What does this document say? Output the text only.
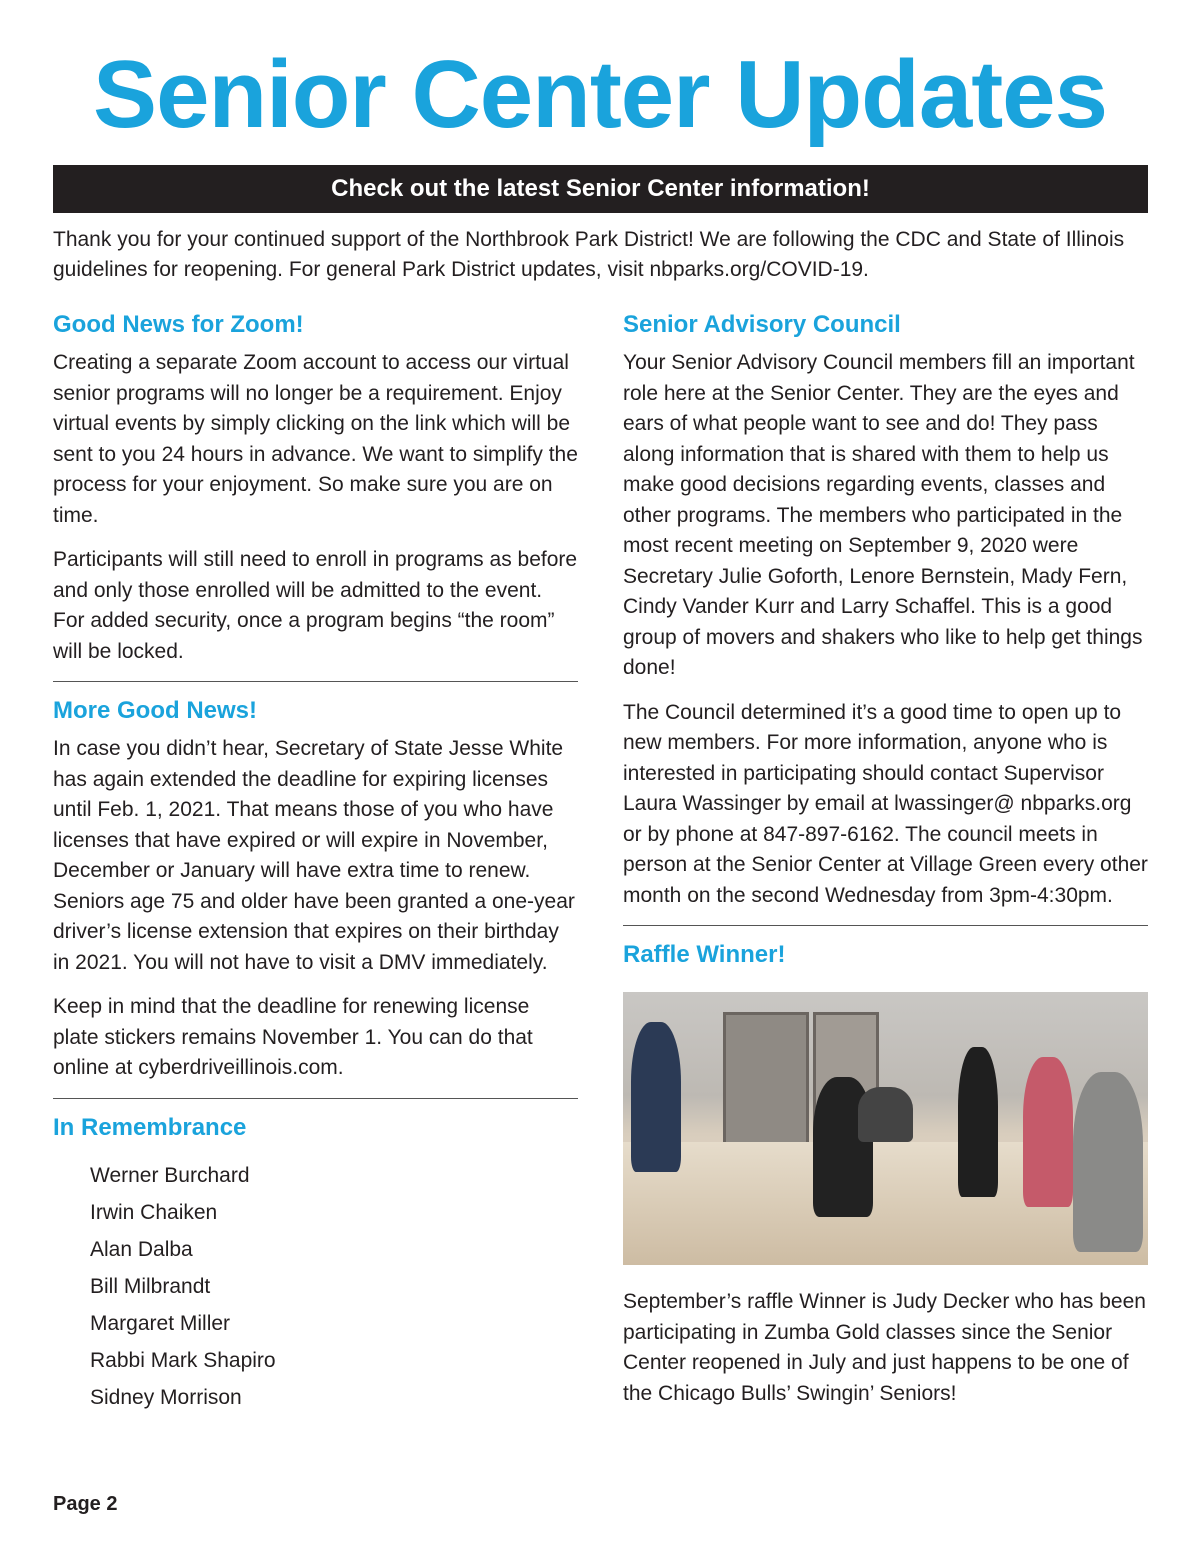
Senior Center Updates
Check out the latest Senior Center information!
Thank you for your continued support of the Northbrook Park District! We are following the CDC and State of Illinois guidelines for reopening. For general Park District updates, visit nbparks.org/COVID-19.
Good News for Zoom!

Creating a separate Zoom account to access our virtual senior programs will no longer be a requirement. Enjoy virtual events by simply clicking on the link which will be sent to you 24 hours in advance. We want to simplify the process for your enjoyment. So make sure you are on time.

Participants will still need to enroll in programs as before and only those enrolled will be admitted to the event. For added security, once a program begins “the room” will be locked.

More Good News!

In case you didn’t hear, Secretary of State Jesse White has again extended the deadline for expiring licenses until Feb. 1, 2021. That means those of you who have licenses that have expired or will expire in November, December or January will have extra time to renew. Seniors age 75 and older have been granted a one-year driver’s license extension that expires on their birthday in 2021. You will not have to visit a DMV immediately.

Keep in mind that the deadline for renewing license plate stickers remains November 1. You can do that online at cyberdriveillinois.com.

In Remembrance
Werner Burchard
Irwin Chaiken
Alan Dalba
Bill Milbrandt
Margaret Miller
Rabbi Mark Shapiro
Sidney Morrison
Senior Advisory Council

Your Senior Advisory Council members fill an important role here at the Senior Center. They are the eyes and ears of what people want to see and do! They pass along information that is shared with them to help us make good decisions regarding events, classes and other programs. The members who participated in the most recent meeting on September 9, 2020 were Secretary Julie Goforth, Lenore Bernstein, Mady Fern, Cindy Vander Kurr and Larry Schaffel. This is a good group of movers and shakers who like to help get things done!

The Council determined it’s a good time to open up to new members. For more information, anyone who is interested in participating should contact Supervisor Laura Wassinger by email at lwassinger@ nbparks.org or by phone at 847-897-6162. The council meets in person at the Senior Center at Village Green every other month on the second Wednesday from 3pm-4:30pm.

Raffle Winner!

September’s raffle Winner is Judy Decker who has been participating in Zumba Gold classes since the Senior Center reopened in July and just happens to be one of the Chicago Bulls’ Swingin’ Seniors!

Page 2
